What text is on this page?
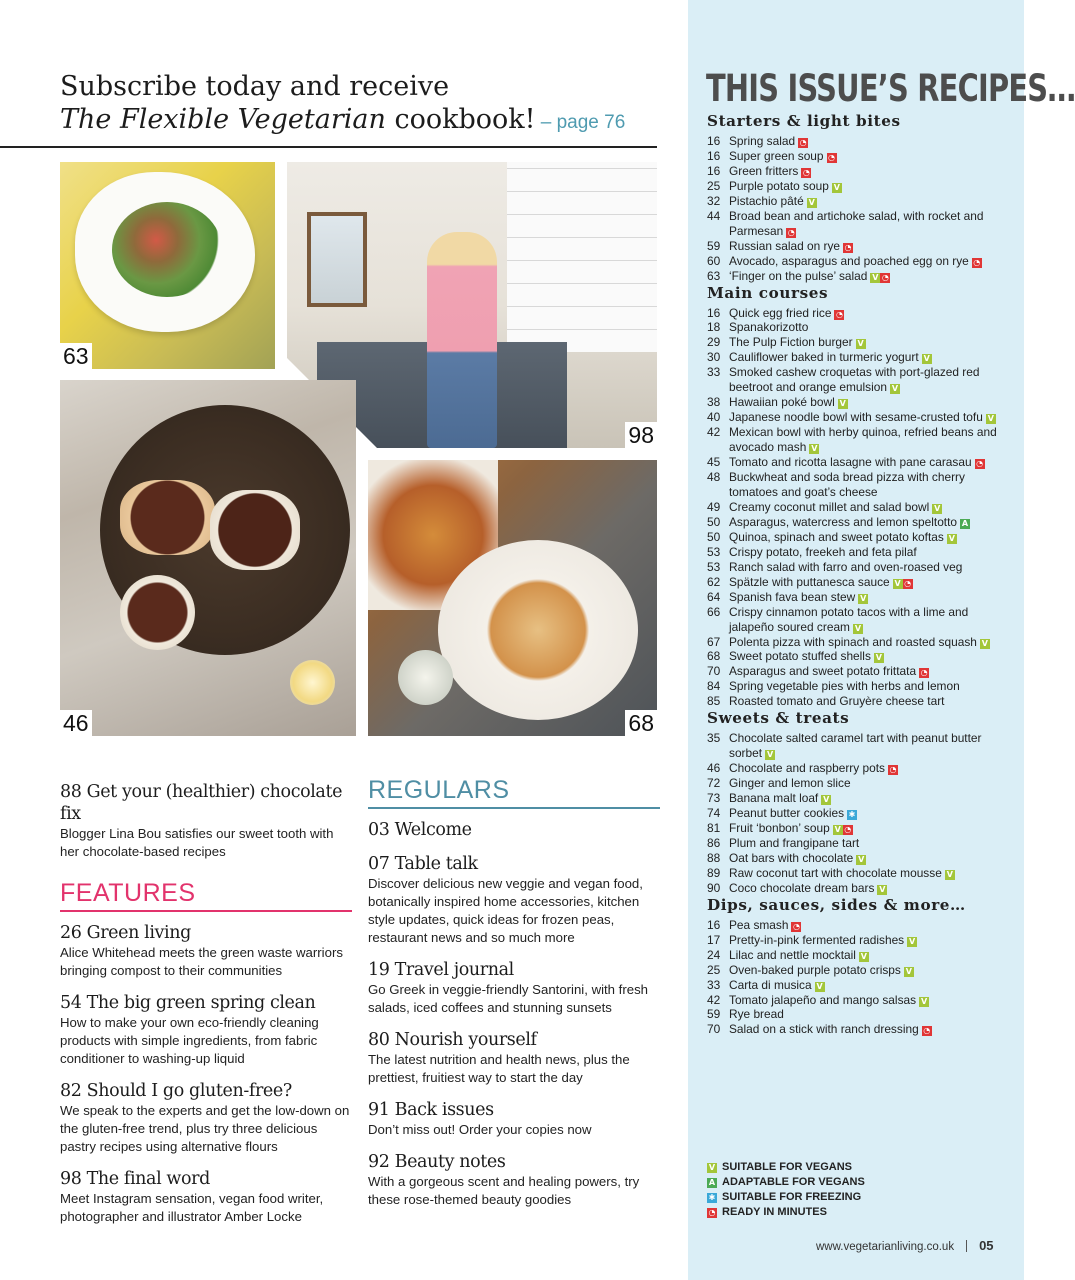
Subscribe today and receive
The Flexible Vegetarian cookbook! – page 76
63
98
46	68
88 Get your (healthier) chocolate fix
Blogger Lina Bou satisfies our sweet tooth with her chocolate-based recipes
FEATURES
26 Green living
Alice Whitehead meets the green waste warriors bringing compost to their communities
54 The big green spring clean
How to make your own eco-friendly cleaning products with simple ingredients, from fabric conditioner to washing-up liquid
82 Should I go gluten-free?
We speak to the experts and get the low-down on the gluten-free trend, plus try three delicious pastry recipes using alternative flours
98 The final word
Meet Instagram sensation, vegan food writer, photographer and illustrator Amber Locke
REGULARS
03 Welcome
07 Table talk
Discover delicious new veggie and vegan food, botanically inspired home accessories, kitchen style updates, quick ideas for frozen peas, restaurant news and so much more
19 Travel journal
Go Greek in veggie-friendly Santorini, with fresh salads, iced coffees and stunning sunsets
80 Nourish yourself
The latest nutrition and health news, plus the prettiest, fruitiest way to start the day
91 Back issues
Don’t miss out! Order your copies now
92 Beauty notes
With a gorgeous scent and healing powers, try these rose-themed beauty goodies
THIS ISSUE’S RECIPES…
Starters & light bites
16 Spring salad ◔
16 Super green soup ◔
16 Green fritters ◔
25 Purple potato soup V
32 Pistachio pâté V
44 Broad bean and artichoke salad, with rocket and Parmesan ◔
59 Russian salad on rye ◔
60 Avocado, asparagus and poached egg on rye ◔
63 ‘Finger on the pulse’ salad V ◔
Main courses
16 Quick egg fried rice ◔
18 Spanakorizotto
29 The Pulp Fiction burger V
30 Cauliflower baked in turmeric yogurt V
33 Smoked cashew croquetas with port-glazed red beetroot and orange emulsion V
38 Hawaiian poké bowl V
40 Japanese noodle bowl with sesame-crusted tofu V
42 Mexican bowl with herby quinoa, refried beans and avocado mash V
45 Tomato and ricotta lasagne with pane carasau ◔
48 Buckwheat and soda bread pizza with cherry tomatoes and goat’s cheese
49 Creamy coconut millet and salad bowl V
50 Asparagus, watercress and lemon speltotto A
50 Quinoa, spinach and sweet potato koftas V
53 Crispy potato, freekeh and feta pilaf
53 Ranch salad with farro and oven-roased veg
62 Spätzle with puttanesca sauce V ◔
64 Spanish fava bean stew V
66 Crispy cinnamon potato tacos with a lime and jalapeño soured cream V
67 Polenta pizza with spinach and roasted squash V
68 Sweet potato stuffed shells V
70 Asparagus and sweet potato frittata ◔
84 Spring vegetable pies with herbs and lemon
85 Roasted tomato and Gruyère cheese tart
Sweets & treats
35 Chocolate salted caramel tart with peanut butter sorbet V
46 Chocolate and raspberry pots ◔
72 Ginger and lemon slice
73 Banana malt loaf V
74 Peanut butter cookies ✱
81 Fruit ‘bonbon’ soup V ◔
86 Plum and frangipane tart
88 Oat bars with chocolate V
89 Raw coconut tart with chocolate mousse V
90 Coco chocolate dream bars V
Dips, sauces, sides & more…
16 Pea smash ◔
17 Pretty-in-pink fermented radishes V
24 Lilac and nettle mocktail V
25 Oven-baked purple potato crisps V
33 Carta di musica V
42 Tomato jalapeño and mango salsas V
59 Rye bread
70 Salad on a stick with ranch dressing ◔
V SUITABLE FOR VEGANS
A ADAPTABLE FOR VEGANS
✱ SUITABLE FOR FREEZING
◔ READY IN MINUTES
www.vegetarianliving.co.uk 05
